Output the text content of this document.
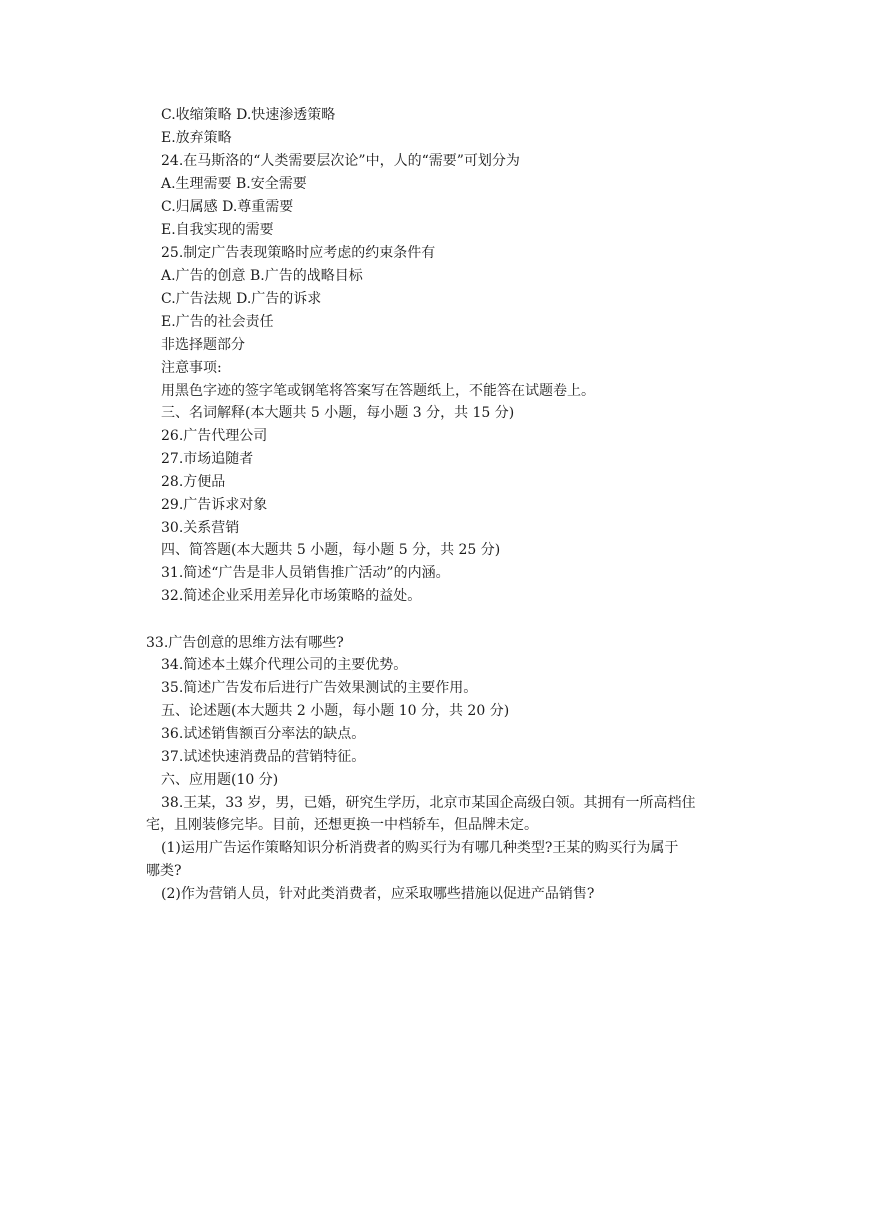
C.收缩策略 D.快速渗透策略
E.放弃策略
24.在马斯洛的“人类需要层次论”中，人的“需要”可划分为
A.生理需要 B.安全需要
C.归属感 D.尊重需要
E.自我实现的需要
25.制定广告表现策略时应考虑的约束条件有
A.广告的创意 B.广告的战略目标
C.广告法规 D.广告的诉求
E.广告的社会责任
非选择题部分
注意事项:
用黑色字迹的签字笔或钢笔将答案写在答题纸上，不能答在试题卷上。
三、名词解释(本大题共 5 小题，每小题 3 分，共 15 分)
26.广告代理公司
27.市场追随者
28.方便品
29.广告诉求对象
30.关系营销
四、简答题(本大题共 5 小题，每小题 5 分，共 25 分)
31.简述“广告是非人员销售推广活动”的内涵。
32.简述企业采用差异化市场策略的益处。
33.广告创意的思维方法有哪些?
34.简述本土媒介代理公司的主要优势。
35.简述广告发布后进行广告效果测试的主要作用。
五、论述题(本大题共 2 小题，每小题 10 分，共 20 分)
36.试述销售额百分率法的缺点。
37.试述快速消费品的营销特征。
六、应用题(10 分)
38.王某，33 岁，男，已婚，研究生学历，北京市某国企高级白领。其拥有一所高档住
宅，且刚装修完毕。目前，还想更换一中档轿车，但品牌未定。
(1)运用广告运作策略知识分析消费者的购买行为有哪几种类型?王某的购买行为属于
哪类?
(2)作为营销人员，针对此类消费者，应采取哪些措施以促进产品销售?
